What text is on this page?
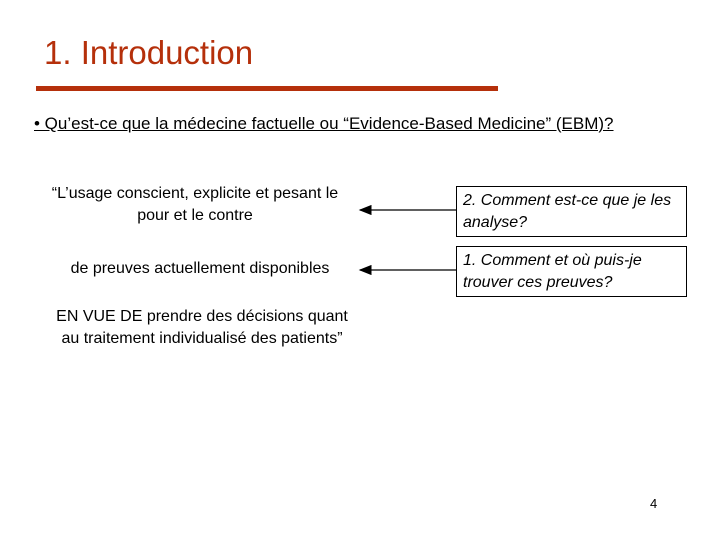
1. Introduction
• Qu’est-ce que la médecine factuelle ou “Evidence-Based Medicine” (EBM)?
“L’usage conscient, explicite et pesant le pour et le contre
de preuves actuellement disponibles
EN VUE DE prendre des décisions quant au traitement individualisé des patients”
2. Comment est-ce que je les analyse?
1. Comment et où puis-je trouver ces preuves?
4
